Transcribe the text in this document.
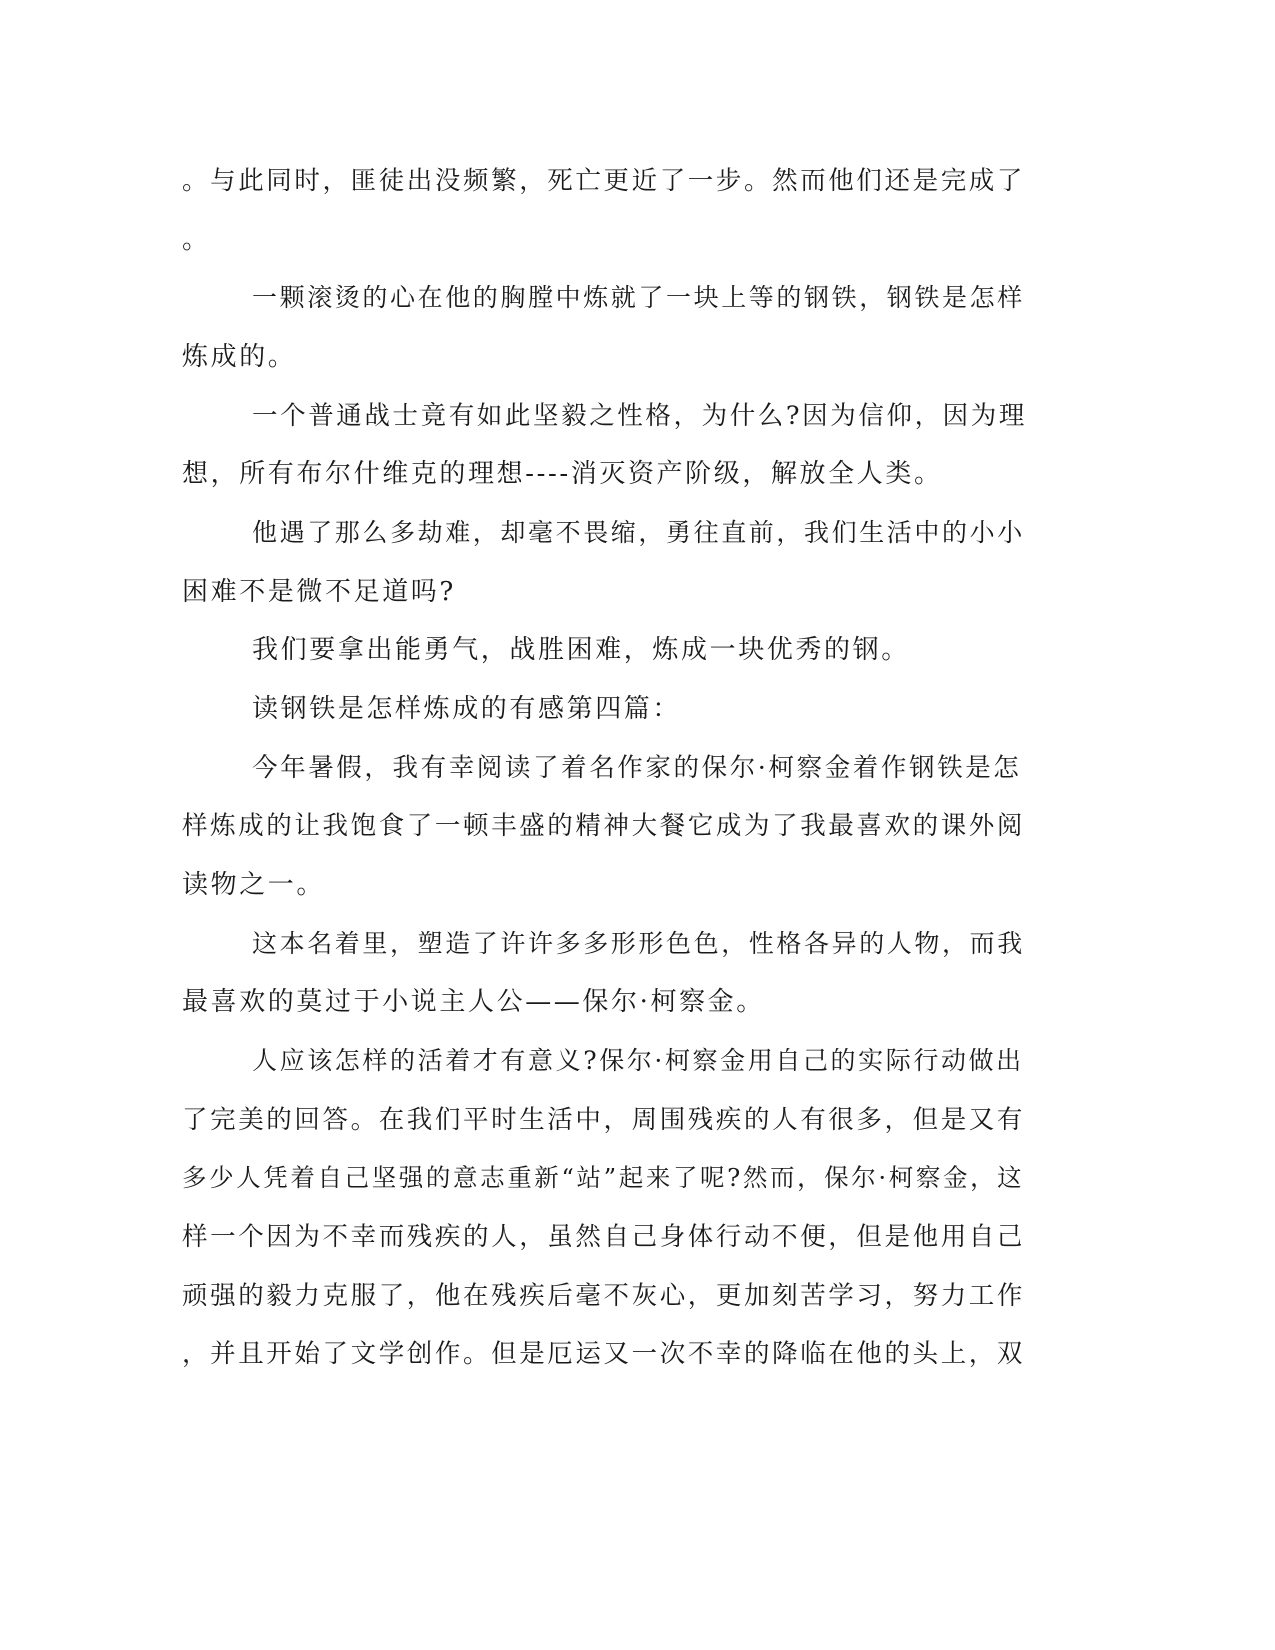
。与此同时，匪徒出没频繁，死亡更近了一步。然而他们还是完成了
。
一颗滚烫的心在他的胸膛中炼就了一块上等的钢铁，钢铁是怎样
炼成的。
一个普通战士竟有如此坚毅之性格，为什么?因为信仰，因为理
想，所有布尔什维克的理想----消灭资产阶级，解放全人类。
他遇了那么多劫难，却毫不畏缩，勇往直前，我们生活中的小小
困难不是微不足道吗?
我们要拿出能勇气，战胜困难，炼成一块优秀的钢。
读钢铁是怎样炼成的有感第四篇：
今年暑假，我有幸阅读了着名作家的保尔·柯察金着作钢铁是怎
样炼成的让我饱食了一顿丰盛的精神大餐它成为了我最喜欢的课外阅
读物之一。
这本名着里，塑造了许许多多形形色色，性格各异的人物，而我
最喜欢的莫过于小说主人公——保尔·柯察金。
人应该怎样的活着才有意义?保尔·柯察金用自己的实际行动做出
了完美的回答。在我们平时生活中，周围残疾的人有很多，但是又有
多少人凭着自己坚强的意志重新“站”起来了呢?然而，保尔·柯察金，这
样一个因为不幸而残疾的人，虽然自己身体行动不便，但是他用自己
顽强的毅力克服了，他在残疾后毫不灰心，更加刻苦学习，努力工作
，并且开始了文学创作。但是厄运又一次不幸的降临在他的头上，双
